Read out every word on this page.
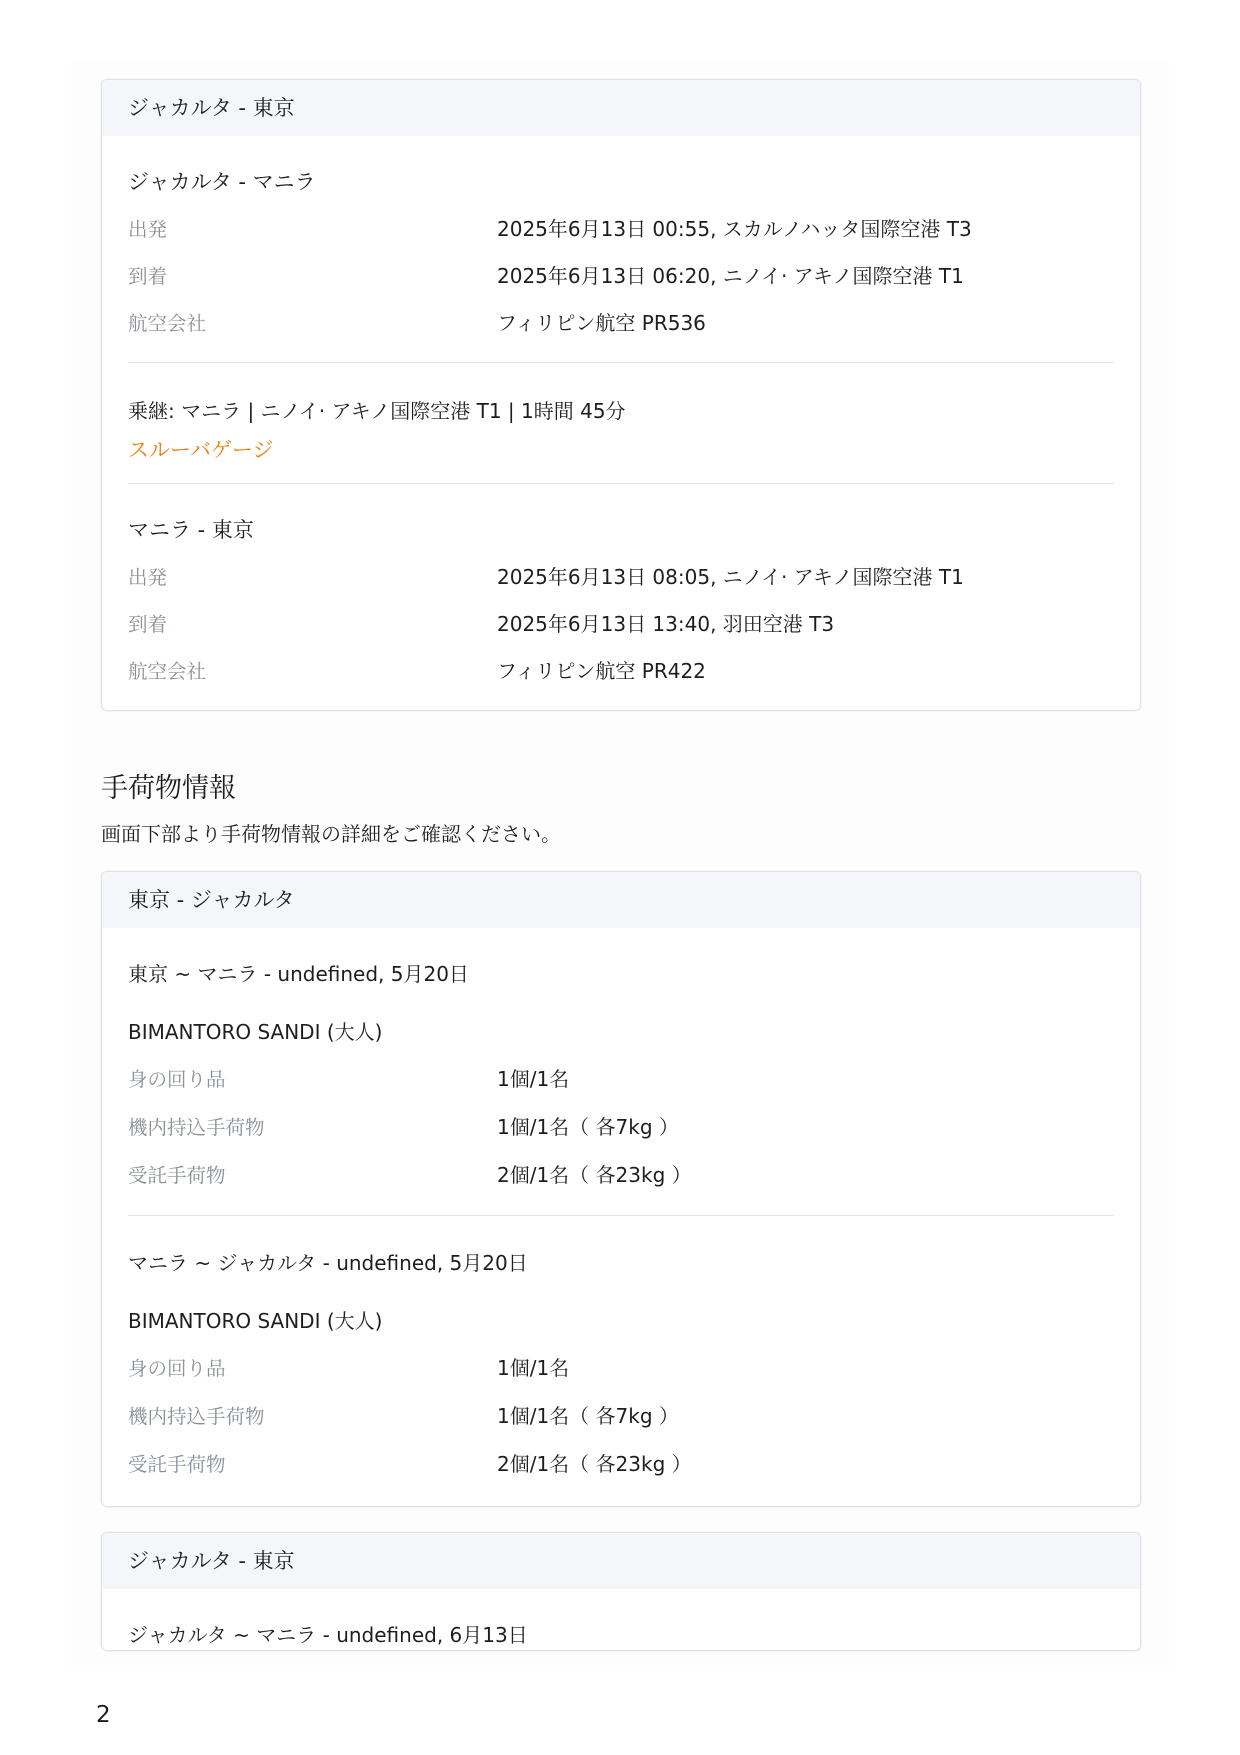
ジャカルタ - 東京
ジャカルタ - マニラ
出発	2025年6月13日 00:55, スカルノハッタ国際空港 T3
到着	2025年6月13日 06:20, ニノイ· アキノ国際空港 T1
航空会社	フィリピン航空 PR536
乗継: マニラ | ニノイ· アキノ国際空港 T1 | 1時間 45分
スルーバゲージ
マニラ - 東京
出発	2025年6月13日 08:05, ニノイ· アキノ国際空港 T1
到着	2025年6月13日 13:40, 羽田空港 T3
航空会社	フィリピン航空 PR422
手荷物情報
画面下部より手荷物情報の詳細をご確認ください。
東京 - ジャカルタ
東京 ~ マニラ - undefined, 5月20日
BIMANTORO SANDI (大人)
身の回り品	1個/1名
機内持込手荷物	1個/1名（ 各7kg ）
受託手荷物	2個/1名（ 各23kg ）
マニラ ~ ジャカルタ - undefined, 5月20日
BIMANTORO SANDI (大人)
身の回り品	1個/1名
機内持込手荷物	1個/1名（ 各7kg ）
受託手荷物	2個/1名（ 各23kg ）
ジャカルタ - 東京
ジャカルタ ~ マニラ - undefined, 6月13日
2
